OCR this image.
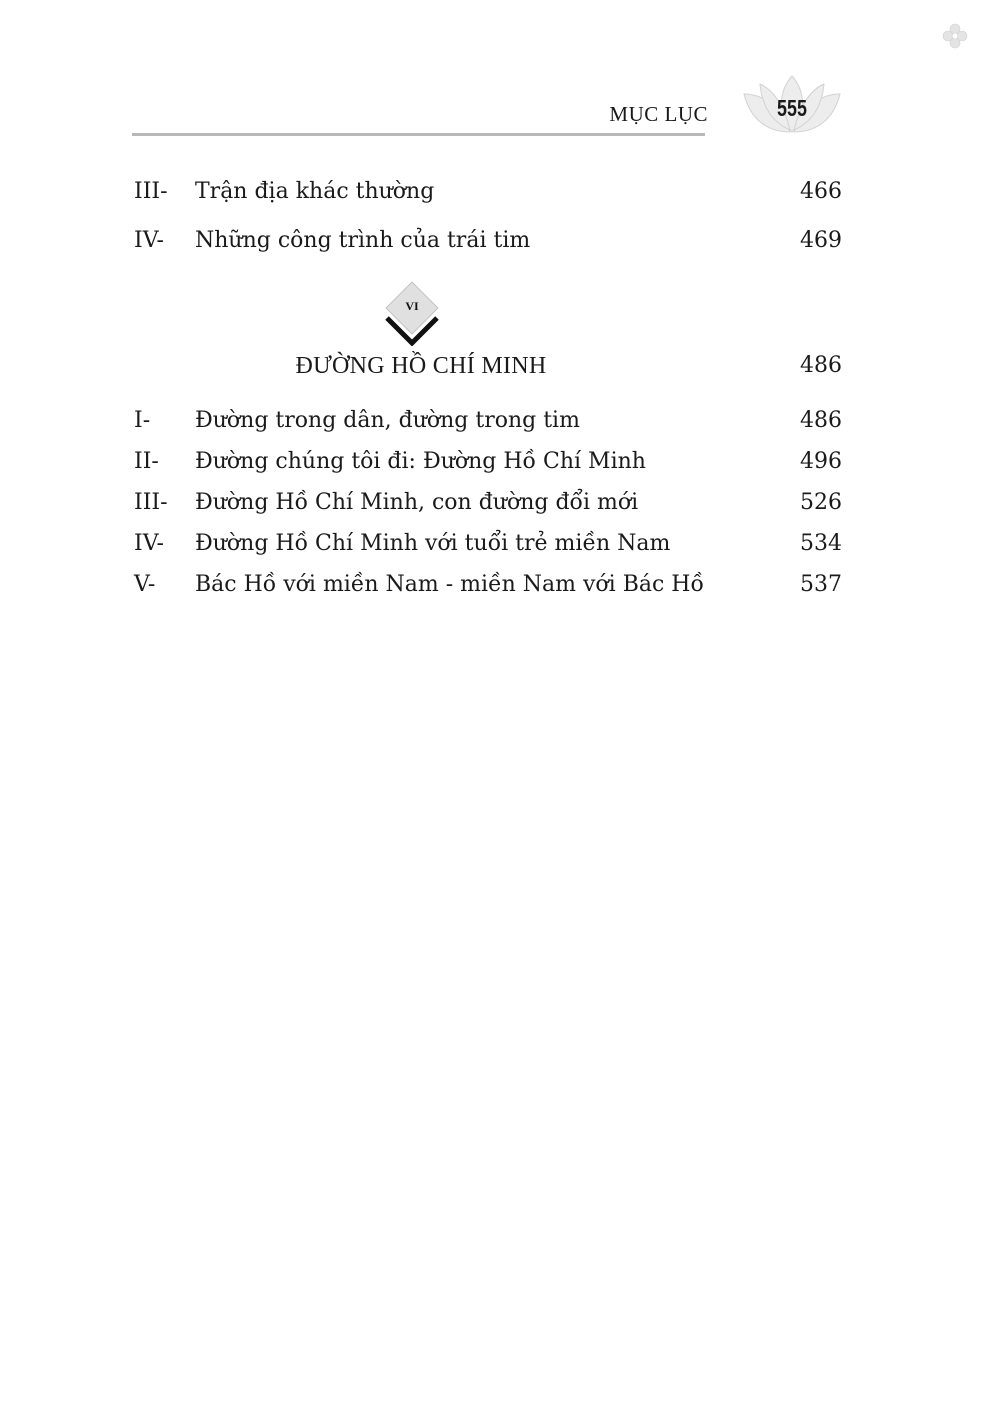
MỤC LỤC	555
III- Trận địa khác thường	466
IV- Những công trình của trái tim	469
VI
ĐƯỜNG HỒ CHÍ MINH	486
I- Đường trong dân, đường trong tim	486
II- Đường chúng tôi đi: Đường Hồ Chí Minh	496
III- Đường Hồ Chí Minh, con đường đổi mới	526
IV- Đường Hồ Chí Minh với tuổi trẻ miền Nam	534
V- Bác Hồ với miền Nam - miền Nam với Bác Hồ	537
